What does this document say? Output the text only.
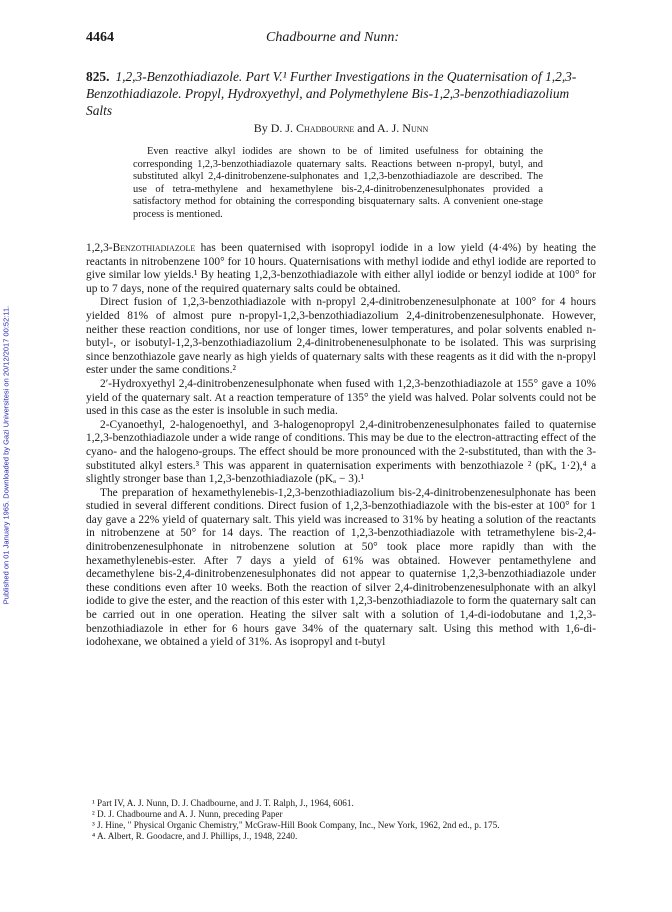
Published on 01 January 1965. Downloaded by Gazi Universitesi on 20/12/2017 00:52:11.
4464	Chadbourne and Nunn:

825. 1,2,3-Benzothiadiazole. Part V.¹ Further Investigations in the Quaternisation of 1,2,3-Benzothiadiazole. Propyl, Hydroxyethyl, and Polymethylene Bis-1,2,3-benzothiadiazolium Salts

By D. J. Chadbourne and A. J. Nunn

Even reactive alkyl iodides are shown to be of limited usefulness for obtaining the corresponding 1,2,3-benzothiadiazole quaternary salts. Reactions between n-propyl, butyl, and substituted alkyl 2,4-dinitrobenzene-sulphonates and 1,2,3-benzothiadiazole are described. The use of tetra-methylene and hexamethylene bis-2,4-dinitrobenzenesulphonates provided a satisfactory method for obtaining the corresponding bisquaternary salts. A convenient one-stage process is mentioned.

1,2,3-Benzothiadiazole has been quaternised with isopropyl iodide in a low yield (4·4%) by heating the reactants in nitrobenzene 100° for 10 hours. Quaternisations with methyl iodide and ethyl iodide are reported to give similar low yields.¹ By heating 1,2,3-benzothiadiazole with either allyl iodide or benzyl iodide at 100° for up to 7 days, none of the required quaternary salts could be obtained.

Direct fusion of 1,2,3-benzothiadiazole with n-propyl 2,4-dinitrobenzenesulphonate at 100° for 4 hours yielded 81% of almost pure n-propyl-1,2,3-benzothiadiazolium 2,4-dinitrobenzenesulphonate. However, neither these reaction conditions, nor use of longer times, lower temperatures, and polar solvents enabled n-butyl-, or isobutyl-1,2,3-benzothiadiazolium 2,4-dinitrobenenesulphonate to be isolated. This was surprising since benzothiazole gave nearly as high yields of quaternary salts with these reagents as it did with the n-propyl ester under the same conditions.²

2′-Hydroxyethyl 2,4-dinitrobenzenesulphonate when fused with 1,2,3-benzothiadiazole at 155° gave a 10% yield of the quaternary salt. At a reaction temperature of 135° the yield was halved. Polar solvents could not be used in this case as the ester is insoluble in such media.

2-Cyanoethyl, 2-halogenoethyl, and 3-halogenopropyl 2,4-dinitrobenzenesulphonates failed to quaternise 1,2,3-benzothiadiazole under a wide range of conditions. This may be due to the electron-attracting effect of the cyano- and the halogeno-groups. The effect should be more pronounced with the 2-substituted, than with the 3-substituted alkyl esters.³ This was apparent in quaternisation experiments with benzothiazole ² (pKₐ 1·2),⁴ a slightly stronger base than 1,2,3-benzothiadiazole (pKₐ − 3).¹

The preparation of hexamethylenebis-1,2,3-benzothiadiazolium bis-2,4-dinitrobenzenesulphonate has been studied in several different conditions. Direct fusion of 1,2,3-benzothiadiazole with the bis-ester at 100° for 1 day gave a 22% yield of quaternary salt. This yield was increased to 31% by heating a solution of the reactants in nitrobenzene at 50° for 14 days. The reaction of 1,2,3-benzothiadiazole with tetramethylene bis-2,4-dinitrobenzenesulphonate in nitrobenzene solution at 50° took place more rapidly than with the hexamethylenebis-ester. After 7 days a yield of 61% was obtained. However pentamethylene and decamethylene bis-2,4-dinitrobenzenesulphonates did not appear to quaternise 1,2,3-benzothiadiazole under these conditions even after 10 weeks. Both the reaction of silver 2,4-dinitrobenzenesulphonate with an alkyl iodide to give the ester, and the reaction of this ester with 1,2,3-benzothiadiazole to form the quaternary salt can be carried out in one operation. Heating the silver salt with a solution of 1,4-di-iodobutane and 1,2,3-benzothiadiazole in ether for 6 hours gave 34% of the quaternary salt. Using this method with 1,6-di-iodohexane, we obtained a yield of 31%. As isopropyl and t-butyl

¹ Part IV, A. J. Nunn, D. J. Chadbourne, and J. T. Ralph, J., 1964, 6061.
² D. J. Chadbourne and A. J. Nunn, preceding Paper
³ J. Hine, " Physical Organic Chemistry," McGraw-Hill Book Company, Inc., New York, 1962, 2nd ed., p. 175.
⁴ A. Albert, R. Goodacre, and J. Phillips, J., 1948, 2240.
